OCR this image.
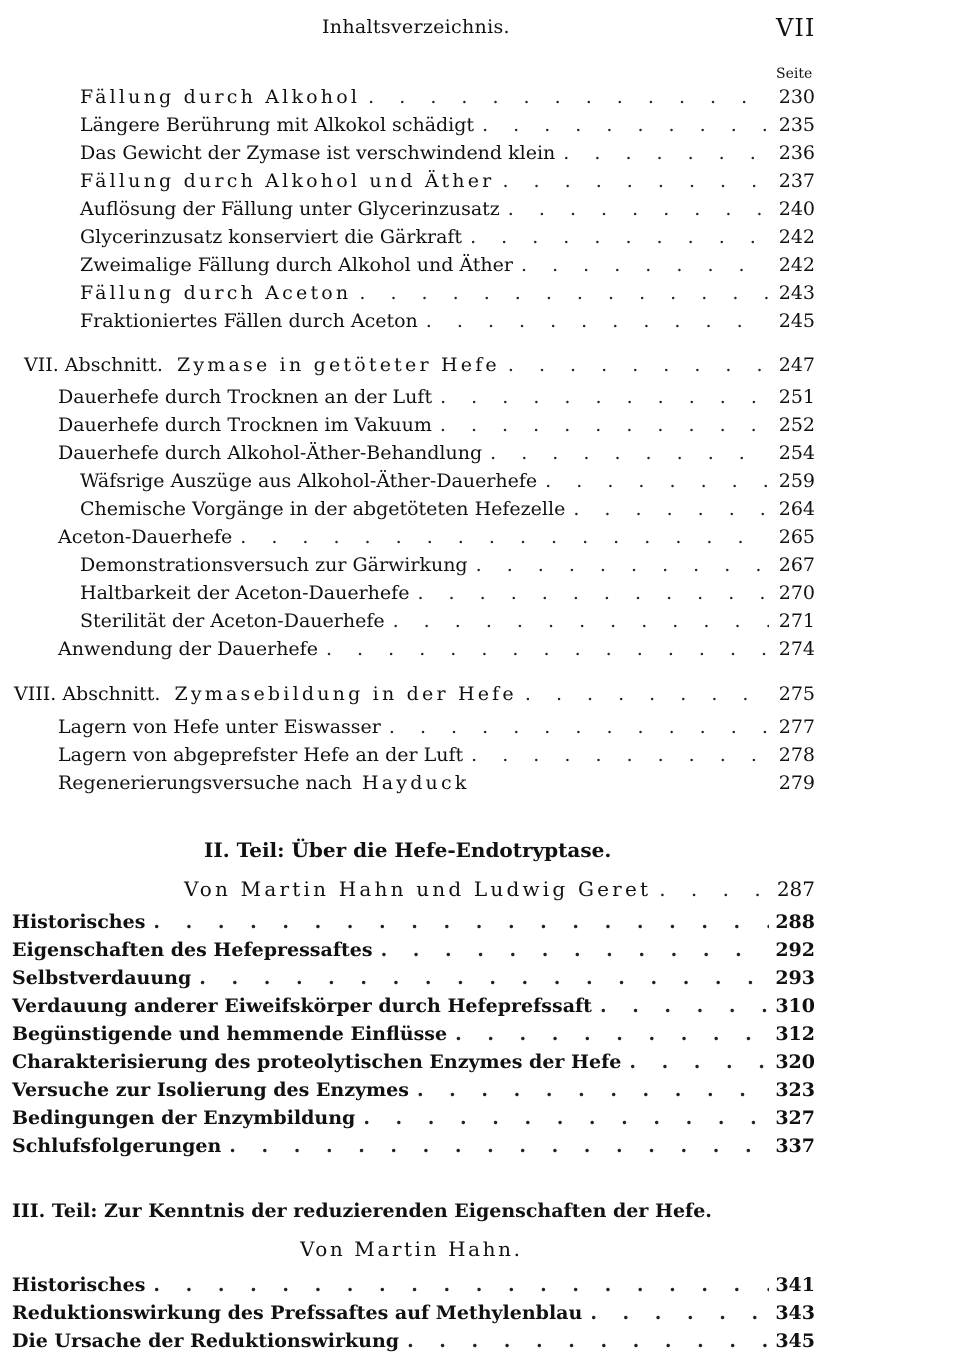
Inhaltsverzeichnis.	VII
Seite
Fällung durch Alkohol . . .	230
Längere Berührung mit Alkokol schädigt . . .	235
Das Gewicht der Zymase ist verschwindend klein . . .	236
Fällung durch Alkohol und Äther . . .	237
Auflösung der Fällung unter Glycerinzusatz . . .	240
Glycerinzusatz konserviert die Gärkraft . . .	242
Zweimalige Fällung durch Alkohol und Äther . . .	242
Fällung durch Aceton . . .	243
Fraktioniertes Fällen durch Aceton . . .	245
VII. Abschnitt. Zymase in getöteter Hefe . . .	247
Dauerhefe durch Trocknen an der Luft . . .	251
Dauerhefe durch Trocknen im Vakuum . . .	252
Dauerhefe durch Alkohol-Äther-Behandlung . . .	254
Wäfsrige Auszüge aus Alkohol-Äther-Dauerhefe . . .	259
Chemische Vorgänge in der abgetöteten Hefezelle . . .	264
Aceton-Dauerhefe . . .	265
Demonstrationsversuch zur Gärwirkung . . .	267
Haltbarkeit der Aceton-Dauerhefe . . .	270
Sterilität der Aceton-Dauerhefe . . .	271
Anwendung der Dauerhefe . . .	274
VIII. Abschnitt. Zymasebildung in der Hefe . . .	275
Lagern von Hefe unter Eiswasser . . .	277
Lagern von abgeprefster Hefe an der Luft . . .	278
Regenerierungsversuche nach Hayduck	279
II. Teil: Über die Hefe-Endotryptase.
Von Martin Hahn und Ludwig Geret . . .	287
Historisches . . .	288
Eigenschaften des Hefepressaftes . . .	292
Selbstverdauung . . .	293
Verdauung anderer Eiweifskörper durch Hefeprefssaft . . .	310
Begünstigende und hemmende Einflüsse . . .	312
Charakterisierung des proteolytischen Enzymes der Hefe . . .	320
Versuche zur Isolierung des Enzymes . . .	323
Bedingungen der Enzymbildung . . .	327
Schlufsfolgerungen . . .	337
III. Teil: Zur Kenntnis der reduzierenden Eigenschaften der Hefe.
Von Martin Hahn.
Historisches . . .	341
Reduktionswirkung des Prefssaftes auf Methylenblau . . .	343
Die Ursache der Reduktionswirkung . . .	345
